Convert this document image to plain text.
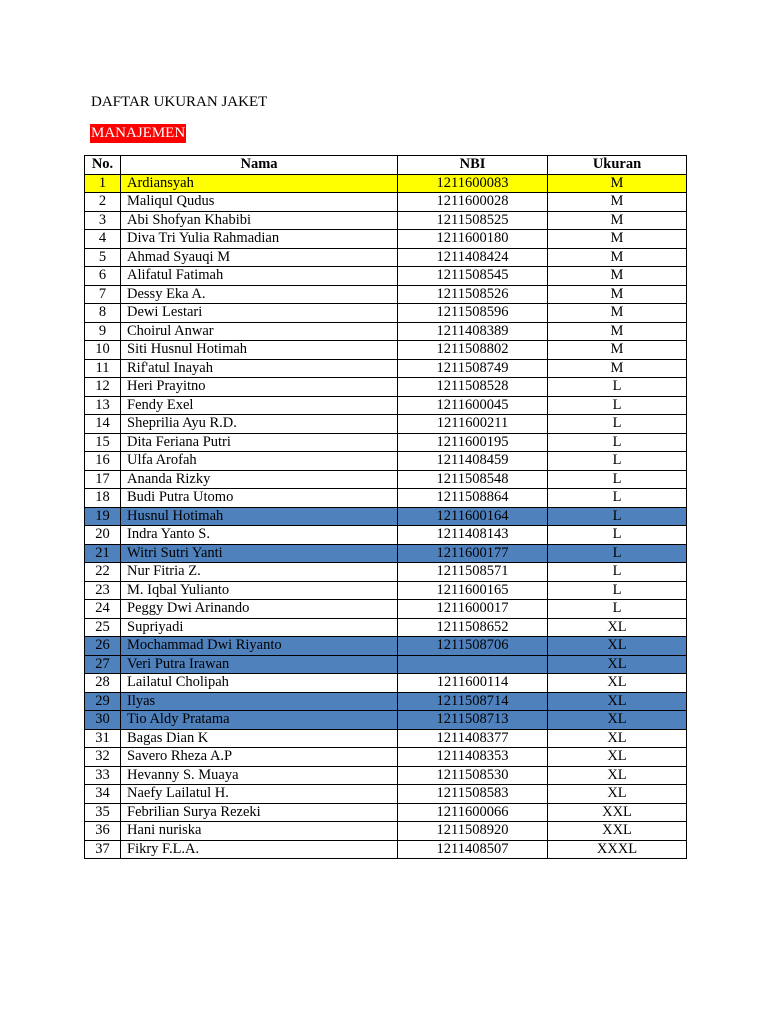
DAFTAR UKURAN JAKET
MANAJEMEN
No.	Nama	NBI	Ukuran
1	Ardiansyah	1211600083	M
2	Maliqul Qudus	1211600028	M
3	Abi Shofyan Khabibi	1211508525	M
4	Diva Tri Yulia Rahmadian	1211600180	M
5	Ahmad Syauqi M	1211408424	M
6	Alifatul Fatimah	1211508545	M
7	Dessy Eka A.	1211508526	M
8	Dewi Lestari	1211508596	M
9	Choirul Anwar	1211408389	M
10	Siti Husnul Hotimah	1211508802	M
11	Rif'atul Inayah	1211508749	M
12	Heri Prayitno	1211508528	L
13	Fendy Exel	1211600045	L
14	Sheprilia Ayu R.D.	1211600211	L
15	Dita Feriana Putri	1211600195	L
16	Ulfa Arofah	1211408459	L
17	Ananda Rizky	1211508548	L
18	Budi Putra Utomo	1211508864	L
19	Husnul Hotimah	1211600164	L
20	Indra Yanto S.	1211408143	L
21	Witri Sutri Yanti	1211600177	L
22	Nur Fitria Z.	1211508571	L
23	M. Iqbal Yulianto	1211600165	L
24	Peggy Dwi Arinando	1211600017	L
25	Supriyadi	1211508652	XL
26	Mochammad Dwi Riyanto	1211508706	XL
27	Veri Putra Irawan		XL
28	Lailatul Cholipah	1211600114	XL
29	Ilyas	1211508714	XL
30	Tio Aldy Pratama	1211508713	XL
31	Bagas Dian K	1211408377	XL
32	Savero Rheza A.P	1211408353	XL
33	Hevanny S. Muaya	1211508530	XL
34	Naefy Lailatul H.	1211508583	XL
35	Febrilian Surya Rezeki	1211600066	XXL
36	Hani nuriska	1211508920	XXL
37	Fikry F.L.A.	1211408507	XXXL
